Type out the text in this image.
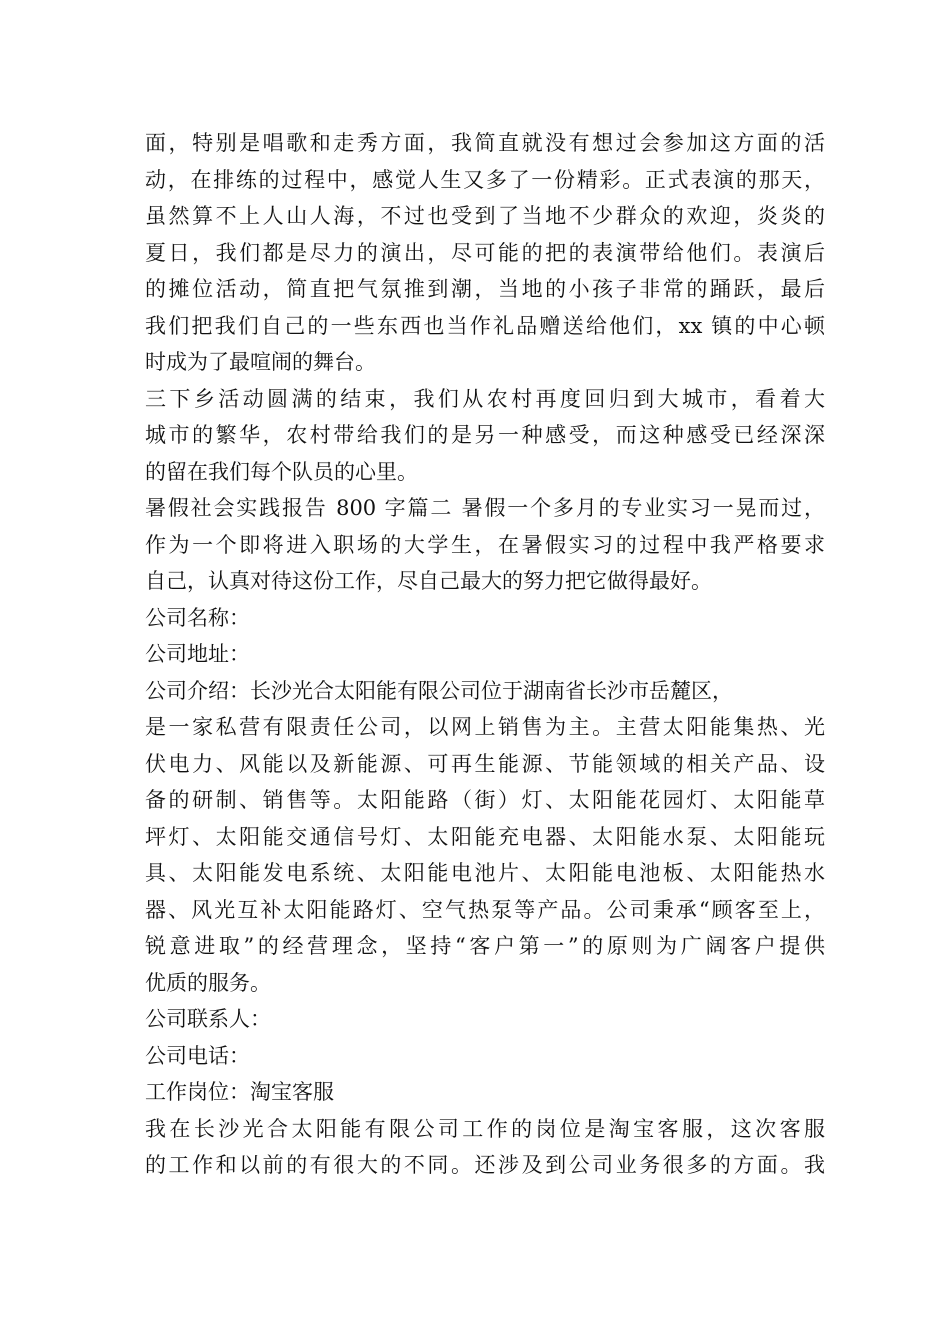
面，特别是唱歌和走秀方面，我简直就没有想过会参加这方面的活
动，在排练的过程中，感觉人生又多了一份精彩。正式表演的那天，
虽然算不上人山人海，不过也受到了当地不少群众的欢迎，炎炎的
夏日，我们都是尽力的演出，尽可能的把的表演带给他们。表演后
的摊位活动，简直把气氛推到潮，当地的小孩子非常的踊跃，最后
我们把我们自己的一些东西也当作礼品赠送给他们，xx 镇的中心顿
时成为了最喧闹的舞台。
三下乡活动圆满的结束，我们从农村再度回归到大城市，看着大
城市的繁华，农村带给我们的是另一种感受，而这种感受已经深深
的留在我们每个队员的心里。
暑假社会实践报告 800 字篇二 暑假一个多月的专业实习一晃而过，
作为一个即将进入职场的大学生，在暑假实习的过程中我严格要求
自己，认真对待这份工作，尽自己最大的努力把它做得最好。
公司名称：
公司地址：
公司介绍：长沙光合太阳能有限公司位于湖南省长沙市岳麓区，
是一家私营有限责任公司，以网上销售为主。主营太阳能集热、光
伏电力、风能以及新能源、可再生能源、节能领域的相关产品、设
备的研制、销售等。太阳能路（街）灯、太阳能花园灯、太阳能草
坪灯、太阳能交通信号灯、太阳能充电器、太阳能水泵、太阳能玩
具、太阳能发电系统、太阳能电池片、太阳能电池板、太阳能热水
器、风光互补太阳能路灯、空气热泵等产品。公司秉承“顾客至上，
锐意进取”的经营理念，坚持“客户第一”的原则为广阔客户提供
优质的服务。
公司联系人：
公司电话：
工作岗位：淘宝客服
我在长沙光合太阳能有限公司工作的岗位是淘宝客服，这次客服
的工作和以前的有很大的不同。还涉及到公司业务很多的方面。我
